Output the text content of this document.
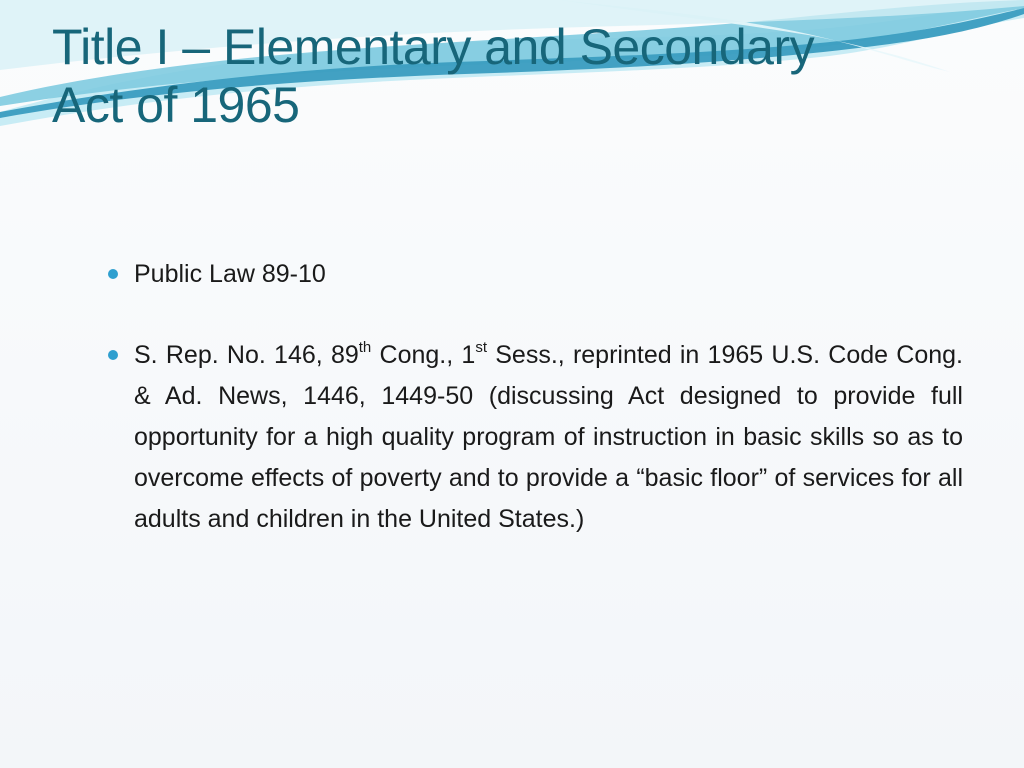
Title I – Elementary and Secondary
Act of 1965
Public Law 89-10
S. Rep. No. 146, 89th Cong., 1st Sess., reprinted in 1965 U.S. Code Cong. & Ad. News, 1446, 1449-50 (discussing Act designed to provide full opportunity for a high quality program of instruction in basic skills so as to overcome effects of poverty and to provide a “basic floor” of services for all adults and children in the United States.)
